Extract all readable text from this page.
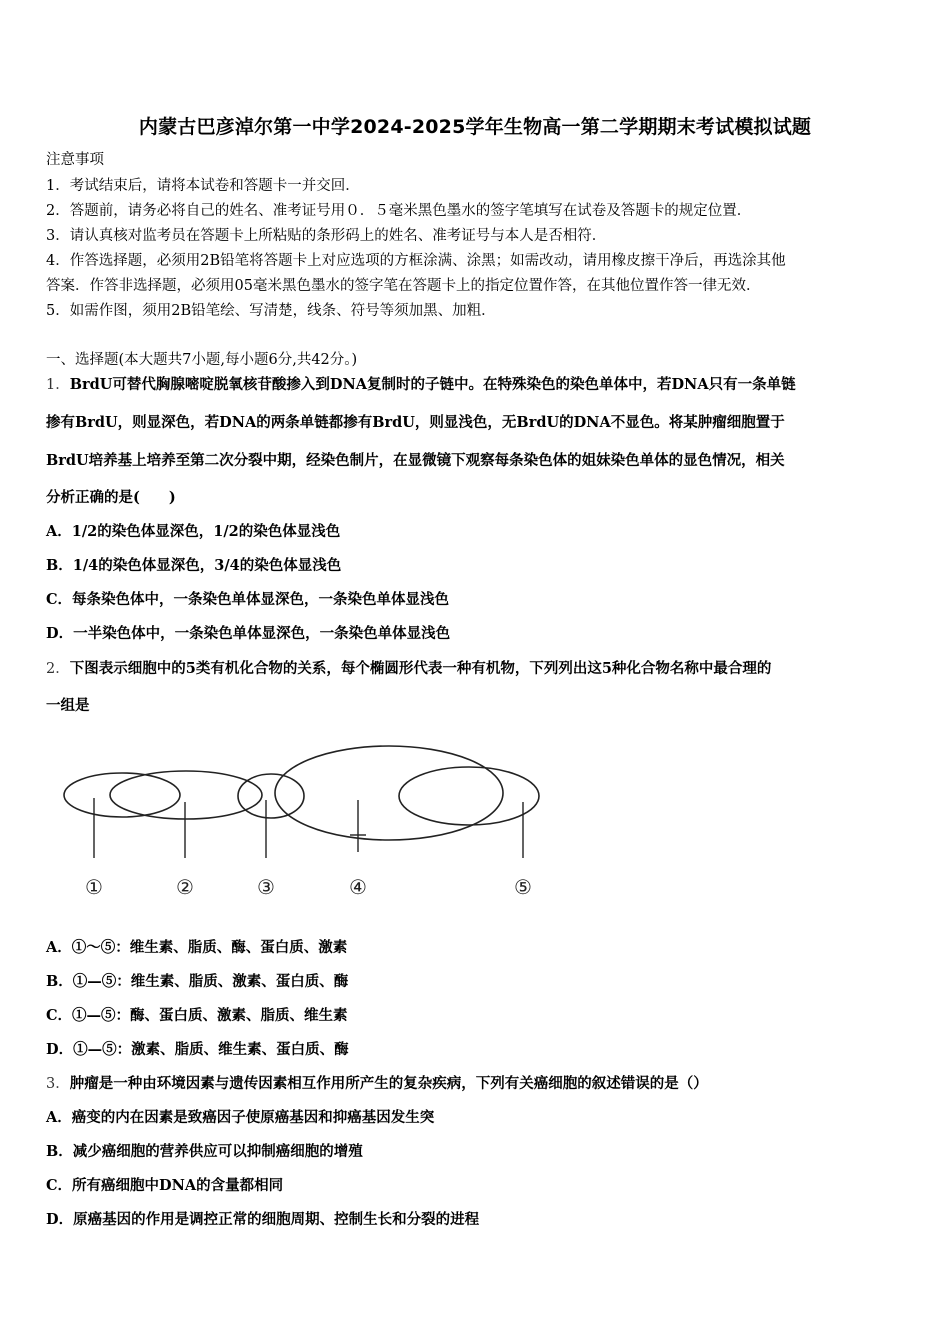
内蒙古巴彦淖尔第一中学2024-2025学年生物高一第二学期期末考试模拟试题
注意事项
1．考试结束后，请将本试卷和答题卡一并交回．
2．答题前，请务必将自己的姓名、准考证号用０．５毫米黑色墨水的签字笔填写在试卷及答题卡的规定位置．
3．请认真核对监考员在答题卡上所粘贴的条形码上的姓名、准考证号与本人是否相符．
4．作答选择题，必须用2B铅笔将答题卡上对应选项的方框涂满、涂黑；如需改动，请用橡皮擦干净后，再选涂其他
答案．作答非选择题，必须用05毫米黑色墨水的签字笔在答题卡上的指定位置作答，在其他位置作答一律无效．
5．如需作图，须用2B铅笔绘、写清楚，线条、符号等须加黑、加粗．
一、选择题(本大题共7小题,每小题6分,共42分。)
1．BrdU可替代胸腺嘧啶脱氧核苷酸掺入到DNA复制时的子链中。在特殊染色的染色单体中，若DNA只有一条单链
掺有BrdU，则显深色，若DNA的两条单链都掺有BrdU，则显浅色，无BrdU的DNA不显色。将某肿瘤细胞置于
BrdU培养基上培养至第二次分裂中期，经染色制片，在显微镜下观察每条染色体的姐妹染色单体的显色情况，相关
分析正确的是(　　)
A．1/2的染色体显深色，1/2的染色体显浅色
B．1/4的染色体显深色，3/4的染色体显浅色
C．每条染色体中，一条染色单体显深色，一条染色单体显浅色
D．一半染色体中，一条染色单体显深色，一条染色单体显浅色
2．下图表示细胞中的5类有机化合物的关系，每个椭圆形代表一种有机物，下列列出这5种化合物名称中最合理的
一组是
①	②	③	④	⑤
A．①～⑤：维生素、脂质、酶、蛋白质、激素
B．①—⑤：维生素、脂质、激素、蛋白质、酶
C．①—⑤：酶、蛋白质、激素、脂质、维生素
D．①—⑤：激素、脂质、维生素、蛋白质、酶
3．肿瘤是一种由环境因素与遗传因素相互作用所产生的复杂疾病，下列有关癌细胞的叙述错误的是（）
A．癌变的内在因素是致癌因子使原癌基因和抑癌基因发生突
B．减少癌细胞的营养供应可以抑制癌细胞的增殖
C．所有癌细胞中DNA的含量都相同
D．原癌基因的作用是调控正常的细胞周期、控制生长和分裂的进程
